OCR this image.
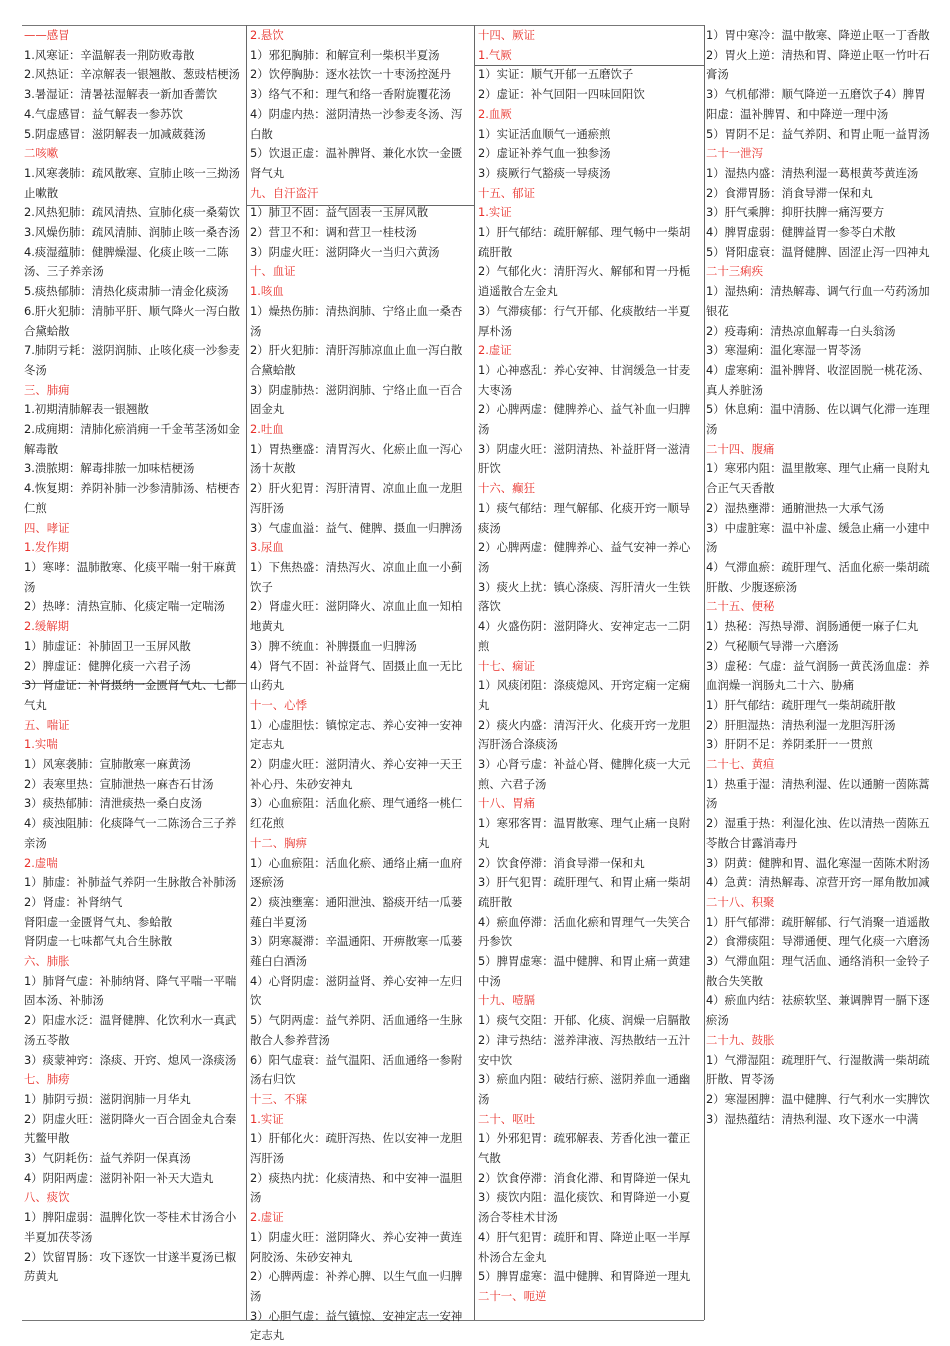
——感冒
1.风寒证：辛温解表一荆防败毒散
2.风热证：辛凉解表一银翘散、葱豉桔梗汤
3.暑湿证：清暑祛湿解表一新加香薷饮
4.气虚感冒：益气解表一参苏饮
5.阴虚感冒：滋阴解表一加减葳蕤汤
二咳嗽
1.风寒袭肺：疏风散寒、宣肺止咳一三拗汤止嗽散
2.风热犯肺：疏风清热、宣肺化痰一桑菊饮
3.风燥伤肺：疏风清肺、润肺止咳一桑杏汤
4.痰湿蕴肺：健脾燥湿、化痰止咳一二陈汤、三子养亲汤
5.痰热郁肺：清热化痰肃肺一清金化痰汤
6.肝火犯肺：清肺平肝、顺气降火一泻白散合黛蛤散
7.肺阴亏耗：滋阴润肺、止咳化痰一沙参麦冬汤
三、肺痈
1.初期清肺解表一银翘散
2.成痈期：清肺化瘀消痈一千金苇茎汤如金解毒散
3.溃脓期：解毒排脓一加味桔梗汤
4.恢复期：养阴补肺一沙参清肺汤、桔梗杏仁煎
四、哮证
1.发作期
1）寒哮：温肺散寒、化痰平喘一射干麻黄汤
2）热哮：清热宣肺、化痰定喘一定喘汤
2.缓解期
1）肺虚证：补肺固卫一玉屏风散
2）脾虚证：健脾化痰一六君子汤
3）肾虚证：补肾摄纳一金匮肾气丸、七都气丸
五、喘证
1.实喘
1）风寒袭肺：宣肺散寒一麻黄汤
2）表寒里热：宣肺泄热一麻杏石甘汤
3）痰热郁肺：清泄痰热一桑白皮汤
4）痰浊阻肺：化痰降气一二陈汤合三子养亲汤
2.虚喘
1）肺虚：补肺益气养阴一生脉散合补肺汤
2）肾虚：补肾纳气
肾阳虚一金匮肾气丸、参蛤散
肾阴虚一七味都气丸合生脉散
六、肺胀
1）肺肾气虚：补肺纳肾、降气平喘一平喘固本汤、补肺汤
2）阳虚水泛：温肾健脾、化饮利水一真武汤五苓散
3）痰蒙神窍：涤痰、开窍、熄风一涤痰汤
七、肺痨
1）肺阴亏损：滋阴润肺一月华丸
2）阴虚火旺：滋阴降火一百合固金丸合秦艽鳖甲散
3）气阴耗伤：益气养阴一保真汤
4）阴阳两虚：滋阴补阳一补天大造丸
八、痰饮
1）脾阳虚弱：温脾化饮一苓桂术甘汤合小半夏加茯苓汤
2）饮留胃肠：攻下逐饮一甘遂半夏汤已椒苈黄丸
2.悬饮
1）邪犯胸肺：和解宣利一柴枳半夏汤
2）饮停胸胁：逐水祛饮一十枣汤控涎丹
3）络气不和：理气和络一香附旋覆花汤
4）阴虚内热：滋阴清热一沙参麦冬汤、泻白散
5）饮退正虚：温补脾肾、兼化水饮一金匮肾气丸
九、自汗盗汗
1）肺卫不固：益气固表一玉屏风散
2）营卫不和：调和营卫一桂枝汤
3）阴虚火旺：滋阴降火一当归六黄汤
十、血证
1.咳血
1）燥热伤肺：清热润肺、宁络止血一桑杏汤
2）肝火犯肺：清肝泻肺凉血止血一泻白散合黛蛤散
3）阴虚肺热：滋阴润肺、宁络止血一百合固金丸
2.吐血
1）胃热壅盛：清胃泻火、化瘀止血一泻心汤十灰散
2）肝火犯胃：泻肝清胃、凉血止血一龙胆泻肝汤
3）气虚血溢：益气、健脾、摄血一归脾汤
3.尿血
1）下焦热盛：清热泻火、凉血止血一小蓟饮子
2）肾虚火旺：滋阴降火、凉血止血一知柏地黄丸
3）脾不统血：补脾摄血一归脾汤
4）肾气不固：补益肾气、固摄止血一无比山药丸
十一、心悸
1）心虚胆怯：镇惊定志、养心安神一安神定志丸
2）阴虚火旺：滋阴清火、养心安神一天王补心丹、朱砂安神丸
3）心血瘀阻：活血化瘀、理气通络一桃仁红花煎
十二、胸痹
1）心血瘀阻：活血化瘀、通络止痛一血府逐瘀汤
2）痰浊壅塞：通阳泄浊、豁痰开结一瓜蒌薤白半夏汤
3）阴寒凝滞：辛温通阳、开痹散寒一瓜蒌薤白白酒汤
4）心肾阴虚：滋阴益肾、养心安神一左归饮
5）气阴两虚：益气养阴、活血通络一生脉散合人参养营汤
6）阳气虚衰：益气温阳、活血通络一参附汤右归饮
十三、不寐
1.实证
1）肝郁化火：疏肝泻热、佐以安神一龙胆泻肝汤
2）痰热内扰：化痰清热、和中安神一温胆汤
2.虚证
1）阴虚火旺：滋阴降火、养心安神一黄连阿胶汤、朱砂安神丸
2）心脾两虚：补养心脾、以生气血一归脾汤
3）心胆气虚：益气镇惊、安神定志一安神定志丸
十四、厥证
1.气厥
1）实证：顺气开郁一五磨饮子
2）虚证：补气回阳一四味回阳饮
2.血厥
1）实证活血顺气一通瘀煎
2）虚证补养气血一独参汤
3）痰厥行气豁痰一导痰汤
十五、郁证
1.实证
1）肝气郁结：疏肝解郁、理气畅中一柴胡疏肝散
2）气郁化火：清肝泻火、解郁和胃一丹栀逍遥散合左金丸
3）气滞痰郁：行气开郁、化痰散结一半夏厚朴汤
2.虚证
1）心神惑乱：养心安神、甘润缓急一甘麦大枣汤
2）心脾两虚：健脾养心、益气补血一归脾汤
3）阴虚火旺：滋阴清热、补益肝肾一滋清肝饮
十六、癫狂
1）痰气郁结：理气解郁、化痰开窍一顺导痰汤
2）心脾两虚：健脾养心、益气安神一养心汤
3）痰火上扰：镇心涤痰、泻肝清火一生铁落饮
4）火盛伤阴：滋阴降火、安神定志一二阴煎
十七、痫证
1）风痰闭阻：涤痰熄风、开窍定痫一定痫丸
2）痰火内盛：清泻汗火、化痰开窍一龙胆泻肝汤合涤痰汤
3）心肾亏虚：补益心肾、健脾化痰一大元煎、六君子汤
十八、胃痛
1）寒邪客胃：温胃散寒、理气止痛一良附丸
2）饮食停滞：消食导滞一保和丸
3）肝气犯胃：疏肝理气、和胃止痛一柴胡疏肝散
4）瘀血停滞：活血化瘀和胃理气一失笑合丹参饮
5）脾胃虚寒：温中健脾、和胃止痛一黄建中汤
十九、噎膈
1）痰气交阻：开郁、化痰、润燥一启膈散
2）津亏热结：滋养津液、泻热散结一五汁安中饮
3）瘀血内阻：破结行瘀、滋阴养血一通幽汤
二十、呕吐
1）外邪犯胃：疏邪解表、芳香化浊一藿正气散
2）饮食停滞：消食化滞、和胃降逆一保丸
3）痰饮内阻：温化痰饮、和胃降逆一小夏汤合苓桂术甘汤
4）肝气犯胃：疏肝和胃、降逆止呕一半厚朴汤合左金丸
5）脾胃虚寒：温中健脾、和胃降逆一理丸
二十一、呃逆
1）胃中寒冷：温中散寒、降逆止呕一丁香散
2）胃火上逆：清热和胃、降逆止呕一竹叶石膏汤
3）气机郁滞：顺气降逆一五磨饮子4）脾胃阳虚：温补脾胃、和中降逆一理中汤
5）胃阴不足：益气养阴、和胃止呃一益胃汤
二十一泄泻
1）湿热内盛：清热利湿一葛根黄芩黄连汤
2）食滞胃肠：消食导滞一保和丸
3）肝气乘脾：抑肝扶脾一痛泻要方
4）脾胃虚弱：健脾益胃一参苓白术散
5）肾阳虚衰：温肾健脾、固涩止泻一四神丸
二十三痢疾
1）湿热痢：清热解毒、调气行血一芍药汤加银花
2）疫毒痢：清热凉血解毒一白头翁汤
3）寒湿痢：温化寒湿一胃苓汤
4）虚寒痢：温补脾肾、收涩固脱一桃花汤、真人养脏汤
5）休息痢：温中清肠、佐以调气化滞一连理汤
二十四、腹痛
1）寒邪内阻：温里散寒、理气止痛一良附丸合正气天香散
2）湿热壅滞：通腑泄热一大承气汤
3）中虚脏寒：温中补虚、缓急止痛一小建中汤
4）气滞血瘀：疏肝理气、活血化瘀一柴胡疏肝散、少腹逐瘀汤
二十五、便秘
1）热秘：泻热导滞、润肠通便一麻子仁丸
2）气秘顺气导滞一六磨汤
3）虚秘：气虚：益气润肠一黄芪汤血虚：养血润燥一润肠丸二十六、胁痛
1）肝气郁结：疏肝理气一柴胡疏肝散
2）肝胆湿热：清热利湿一龙胆泻肝汤
3）肝阴不足：养阴柔肝一一贯煎
二十七、黄疸
1）热重于湿：清热利湿、佐以通腑一茵陈蒿汤
2）湿重于热：利湿化浊、佐以清热一茵陈五苓散合甘露消毒丹
3）阴黄：健脾和胃、温化寒湿一茵陈术附汤
4）急黄：清热解毒、凉营开窍一犀角散加减
二十八、积聚
1）肝气郁滞：疏肝解郁、行气消聚一逍遥散
2）食滞痰阻：导滞通便、理气化痰一六磨汤
3）气滞血阻：理气活血、通络消积一金铃子散合失笑散
4）瘀血内结：祛瘀软坚、兼调脾胃一膈下逐瘀汤
二十九、鼓胀
1）气滞湿阻：疏理肝气、行湿散满一柴胡疏肝散、胃苓汤
2）寒湿困脾：温中健脾、行气利水一实脾饮
3）湿热蕴结：清热利湿、攻下逐水一中满
